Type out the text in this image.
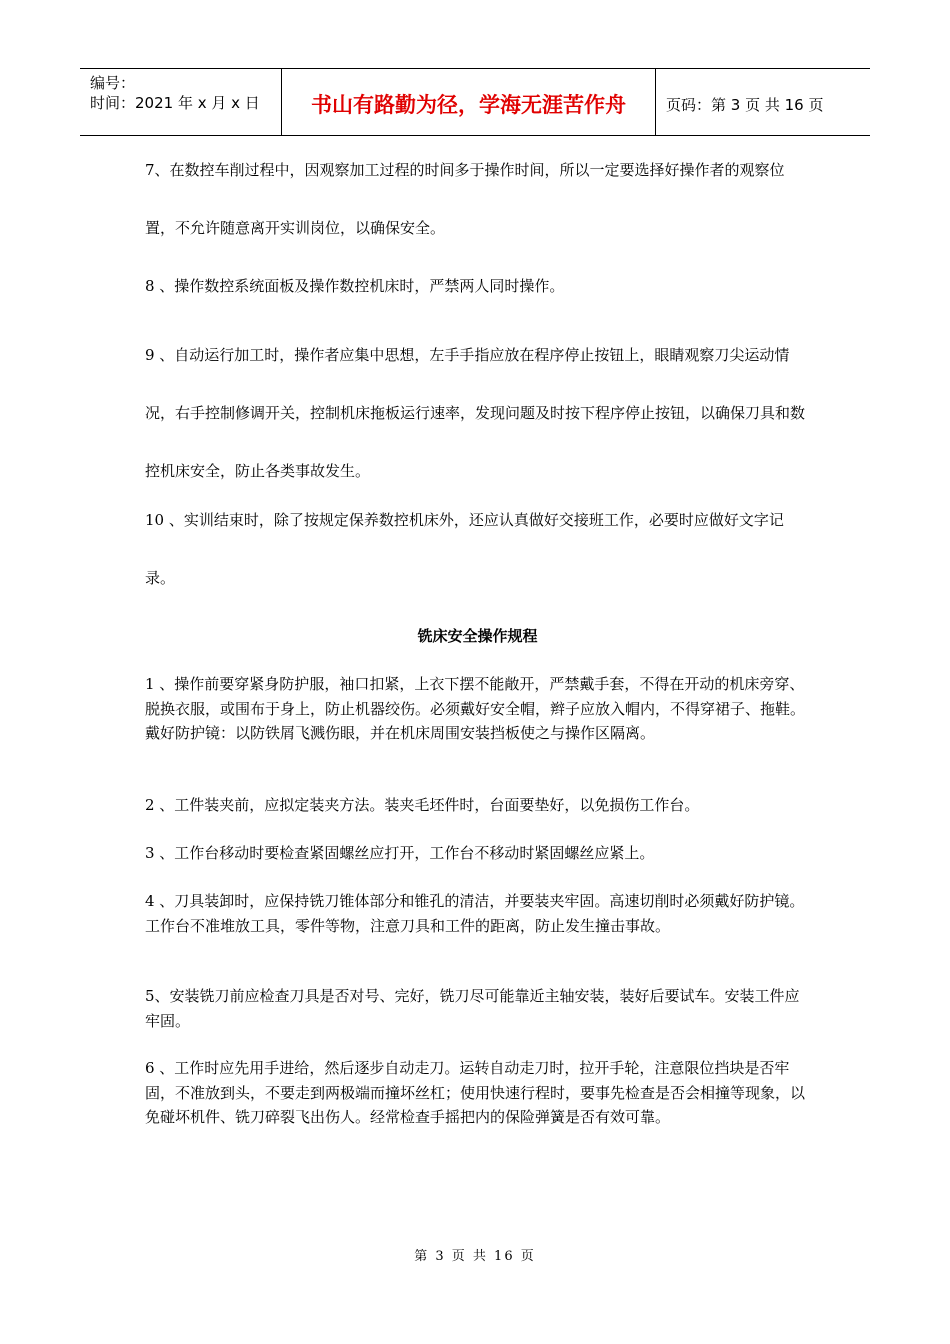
编号：
时间：2021 年 x 月 x 日	书山有路勤为径，学海无涯苦作舟	页码：第 3 页 共 16 页

7、在数控车削过程中，因观察加工过程的时间多于操作时间，所以一定要选择好操作者的观察位置，不允许随意离开实训岗位，以确保安全。

8 、操作数控系统面板及操作数控机床时，严禁两人同时操作。

9 、自动运行加工时，操作者应集中思想，左手手指应放在程序停止按钮上，眼睛观察刀尖运动情况，右手控制修调开关，控制机床拖板运行速率，发现问题及时按下程序停止按钮，以确保刀具和数控机床安全，防止各类事故发生。

10 、实训结束时，除了按规定保养数控机床外，还应认真做好交接班工作，必要时应做好文字记录。

铣床安全操作规程

1 、操作前要穿紧身防护服，袖口扣紧，上衣下摆不能敞开，严禁戴手套，不得在开动的机床旁穿、脱换衣服，或围布于身上，防止机器绞伤。必须戴好安全帽，辫子应放入帽内，不得穿裙子、拖鞋。戴好防护镜：以防铁屑飞溅伤眼，并在机床周围安装挡板使之与操作区隔离。

2 、工件装夹前，应拟定装夹方法。装夹毛坯件时，台面要垫好，以免损伤工作台。

3 、工作台移动时要检查紧固螺丝应打开，工作台不移动时紧固螺丝应紧上。

4 、刀具装卸时，应保持铣刀锥体部分和锥孔的清洁，并要装夹牢固。高速切削时必须戴好防护镜。工作台不准堆放工具，零件等物，注意刀具和工件的距离，防止发生撞击事故。

5、安装铣刀前应检查刀具是否对号、完好，铣刀尽可能靠近主轴安装，装好后要试车。安装工件应牢固。

6 、工作时应先用手进给，然后逐步自动走刀。运转自动走刀时，拉开手轮，注意限位挡块是否牢固，不准放到头，不要走到两极端而撞坏丝杠；使用快速行程时，要事先检查是否会相撞等现象，以免碰坏机件、铣刀碎裂飞出伤人。经常检查手摇把内的保险弹簧是否有效可靠。

第 3 页 共 16 页
